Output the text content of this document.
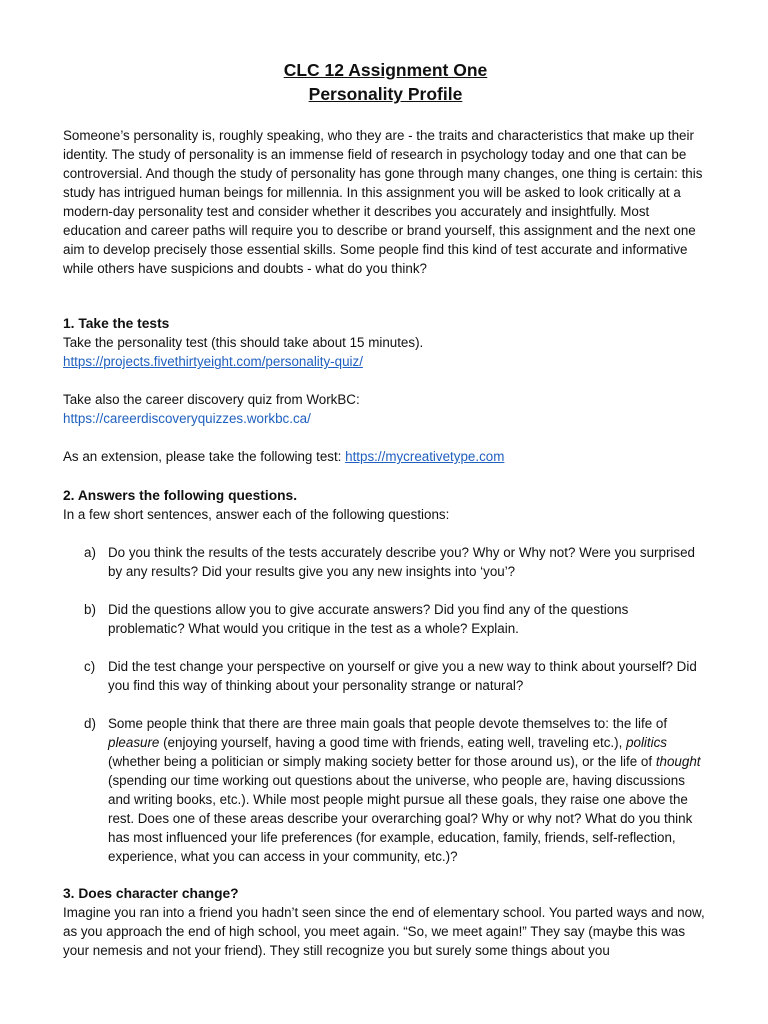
CLC 12 Assignment One
Personality Profile
Someone’s personality is, roughly speaking, who they are - the traits and characteristics that make up their identity. The study of personality is an immense field of research in psychology today and one that can be controversial. And though the study of personality has gone through many changes, one thing is certain: this study has intrigued human beings for millennia. In this assignment you will be asked to look critically at a modern-day personality test and consider whether it describes you accurately and insightfully. Most education and career paths will require you to describe or brand yourself, this assignment and the next one aim to develop precisely those essential skills. Some people find this kind of test accurate and informative while others have suspicions and doubts - what do you think?
1. Take the tests
Take the personality test (this should take about 15 minutes).
https://projects.fivethirtyeight.com/personality-quiz/
Take also the career discovery quiz from WorkBC:
https://careerdiscoveryquizzes.workbc.ca/
As an extension, please take the following test: https://mycreativetype.com
2. Answers the following questions.
In a few short sentences, answer each of the following questions:
a) Do you think the results of the tests accurately describe you? Why or Why not? Were you surprised by any results? Did your results give you any new insights into ‘you’?
b) Did the questions allow you to give accurate answers? Did you find any of the questions problematic? What would you critique in the test as a whole? Explain.
c) Did the test change your perspective on yourself or give you a new way to think about yourself? Did you find this way of thinking about your personality strange or natural?
d) Some people think that there are three main goals that people devote themselves to: the life of pleasure (enjoying yourself, having a good time with friends, eating well, traveling etc.), politics (whether being a politician or simply making society better for those around us), or the life of thought (spending our time working out questions about the universe, who people are, having discussions and writing books, etc.). While most people might pursue all these goals, they raise one above the rest. Does one of these areas describe your overarching goal? Why or why not? What do you think has most influenced your life preferences (for example, education, family, friends, self-reflection, experience, what you can access in your community, etc.)?
3. Does character change?
Imagine you ran into a friend you hadn’t seen since the end of elementary school. You parted ways and now, as you approach the end of high school, you meet again. “So, we meet again!” They say (maybe this was your nemesis and not your friend). They still recognize you but surely some things about you
